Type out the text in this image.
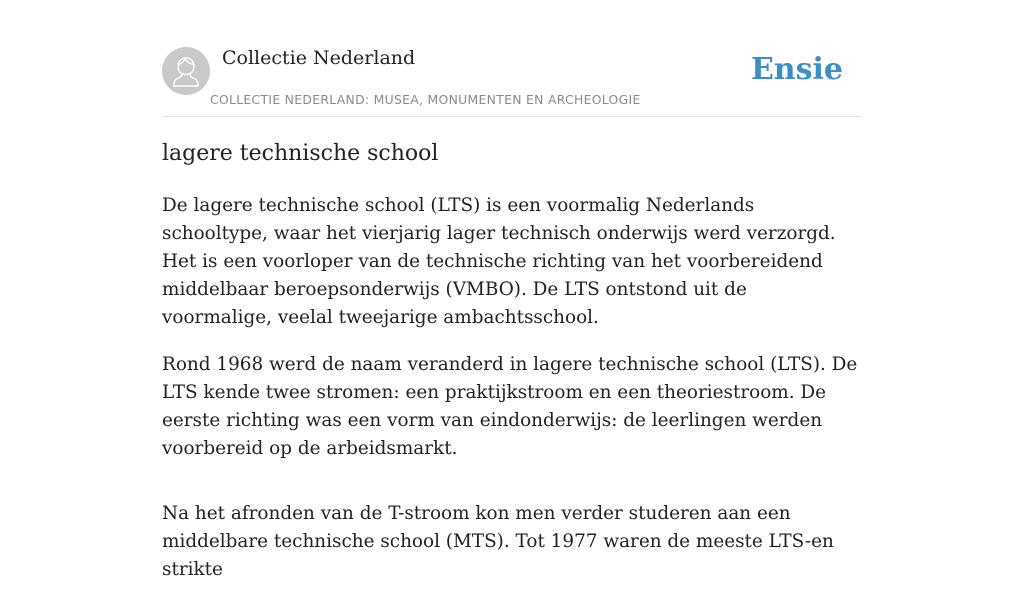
Collectie Nederland
COLLECTIE NEDERLAND: MUSEA, MONUMENTEN EN ARCHEOLOGIE
Ensie
lagere technische school

De lagere technische school (LTS) is een voormalig Nederlands schooltype, waar het vierjarig lager technisch onderwijs werd verzorgd. Het is een voorloper van de technische richting van het voorbereidend middelbaar beroepsonderwijs (VMBO). De LTS ontstond uit de voormalige, veelal tweejarige ambachtsschool.

Rond 1968 werd de naam veranderd in lagere technische school (LTS). De LTS kende twee stromen: een praktijkstroom en een theoriestroom. De eerste richting was een vorm van eindonderwijs: de leerlingen werden voorbereid op de arbeidsmarkt.

Na het afronden van de T-stroom kon men verder studeren aan een middelbare technische school (MTS). Tot 1977 waren de meeste LTS-en strikte
